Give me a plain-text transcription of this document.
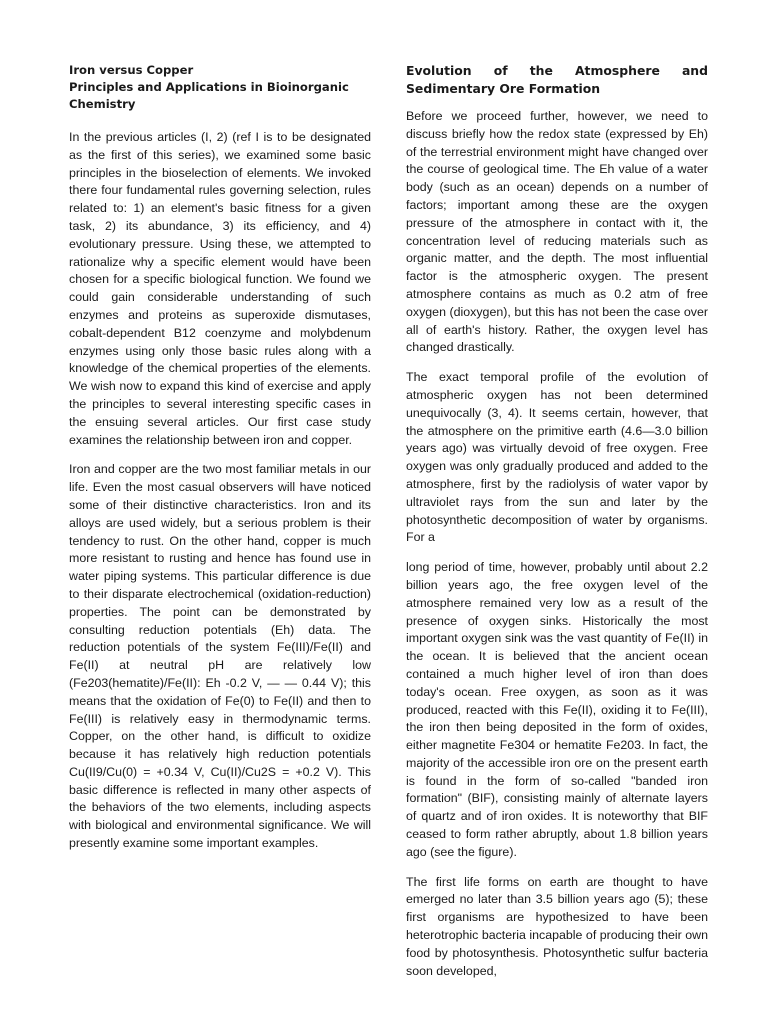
Iron versus Copper
Principles and Applications in Bioinorganic
Chemistry

In the previous articles (I, 2) (ref I is to be designated as the first of this series), we examined some basic principles in the bioselection of elements. We invoked there four fundamental rules governing selection, rules related to: 1) an element's basic fitness for a given task, 2) its abundance, 3) its efficiency, and 4) evolutionary pressure. Using these, we attempted to rationalize why a specific element would have been chosen for a specific biological function. We found we could gain considerable understanding of such enzymes and proteins as superoxide dismutases, cobalt-dependent B12 coenzyme and molybdenum enzymes using only those basic rules along with a knowledge of the chemical properties of the elements. We wish now to expand this kind of exercise and apply the principles to several interesting specific cases in the ensuing several articles. Our first case study examines the relationship between iron and copper.

Iron and copper are the two most familiar metals in our life. Even the most casual observers will have noticed some of their distinctive characteristics. Iron and its alloys are used widely, but a serious problem is their tendency to rust. On the other hand, copper is much more resistant to rusting and hence has found use in water piping systems. This particular difference is due to their disparate electrochemical (oxidation-reduction) properties. The point can be demonstrated by consulting reduction potentials (Eh) data. The reduction potentials of the system Fe(III)/Fe(II) and Fe(II) at neutral pH are relatively low (Fe203(hematite)/Fe(II): Eh -0.2 V, — — 0.44 V); this means that the oxidation of Fe(0) to Fe(II) and then to Fe(III) is relatively easy in thermodynamic terms. Copper, on the other hand, is difficult to oxidize because it has relatively high reduction potentials Cu(II9/Cu(0) = +0.34 V, Cu(II)/Cu2S = +0.2 V). This basic difference is reflected in many other aspects of the behaviors of the two elements, including aspects with biological and environmental significance. We will presently examine some important examples.

Evolution of the Atmosphere and
Sedimentary Ore Formation

Before we proceed further, however, we need to discuss briefly how the redox state (expressed by Eh) of the terrestrial environment might have changed over the course of geological time. The Eh value of a water body (such as an ocean) depends on a number of factors; important among these are the oxygen pressure of the atmosphere in contact with it, the concentration level of reducing materials such as organic matter, and the depth. The most influential factor is the atmospheric oxygen. The present atmosphere contains as much as 0.2 atm of free oxygen (dioxygen), but this has not been the case over all of earth's history. Rather, the oxygen level has changed drastically.

The exact temporal profile of the evolution of atmospheric oxygen has not been determined unequivocally (3, 4). It seems certain, however, that the atmosphere on the primitive earth (4.6—3.0 billion years ago) was virtually devoid of free oxygen. Free oxygen was only gradually produced and added to the atmosphere, first by the radiolysis of water vapor by ultraviolet rays from the sun and later by the photosynthetic decomposition of water by organisms. For a

long period of time, however, probably until about 2.2 billion years ago, the free oxygen level of the atmosphere remained very low as a result of the presence of oxygen sinks. Historically the most important oxygen sink was the vast quantity of Fe(II) in the ocean. It is believed that the ancient ocean contained a much higher level of iron than does today's ocean. Free oxygen, as soon as it was produced, reacted with this Fe(II), oxiding it to Fe(III), the iron then being deposited in the form of oxides, either magnetite Fe304 or hematite Fe203. In fact, the majority of the accessible iron ore on the present earth is found in the form of so-called "banded iron formation" (BIF), consisting mainly of alternate layers of quartz and of iron oxides. It is noteworthy that BIF ceased to form rather abruptly, about 1.8 billion years ago (see the figure).

The first life forms on earth are thought to have emerged no later than 3.5 billion years ago (5); these first organisms are hypothesized to have been heterotrophic bacteria incapable of producing their own food by photosynthesis. Photosynthetic sulfur bacteria soon developed,
